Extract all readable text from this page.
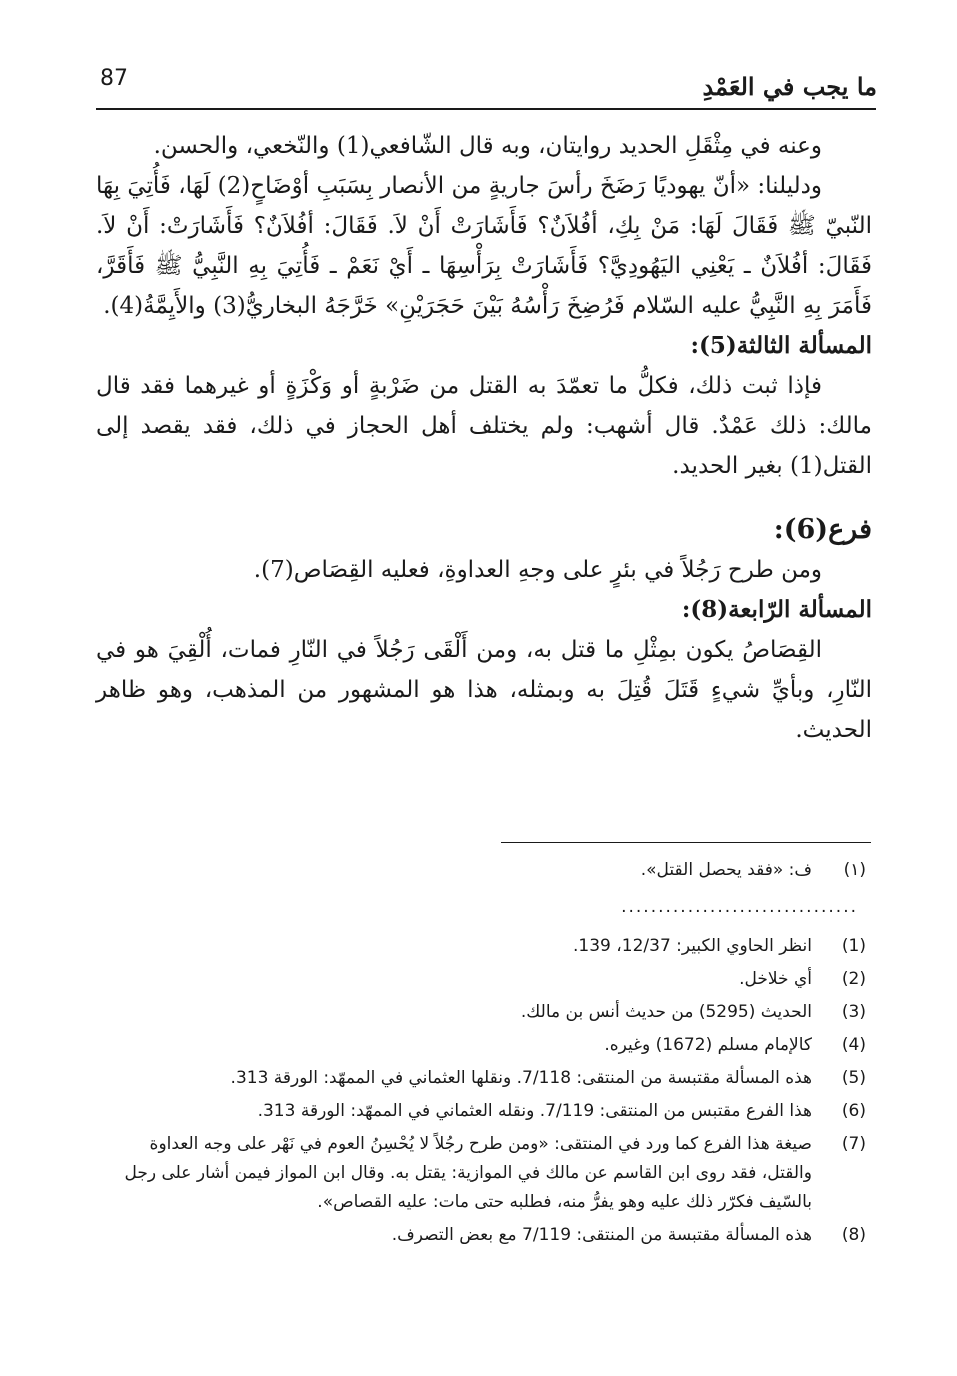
ما يجب في العَمْدِ
87

وعنه في مِثْقَلِ الحديد روايتان، وبه قال الشّافعي(1) والنّخعي، والحسن.

ودليلنا: «أنّ يهوديًا رَضَخَ رأسَ جاريةٍ من الأنصار بِسَبَبِ أوْضَاحٍ(2) لَهَا، فَأُتِيَ بِهَا النّبيّ ﷺ فَقَالَ لَهَا: مَنْ بِكِ، أفُلاَنٌ؟ فَأَشَارَتْ أَنْ لاَ. فَقَالَ: أفُلاَنٌ؟ فَأَشَارَتْ: أَنْ لاَ. فَقَالَ: أفُلاَنٌ ـ يَعْنِي اليَهُودِيَّ؟ فَأَشَارَتْ بِرَأْسِهَا ـ أَيْ نَعَمْ ـ فَأُتِيَ بِهِ النَّبِيُّ ﷺ فَأَقَرَّ، فَأَمَرَ بِهِ النَّبِيُّ عليه السّلام فَرُضِخَ رَأْسُهُ بَيْنَ حَجَرَيْنِ» خَرَّجَهُ البخاريُّ(3) والأَيِمَّةُ(4).

المسألة الثالثة(5):

فإذا ثبت ذلك، فكلُّ ما تعمّدَ به القتل من ضَرْبةٍ أو وَكْزَةٍ أو غيرهما فقد قال مالك: ذلك عَمْدٌ. قال أشهب: ولم يختلف أهل الحجاز في ذلك، فقد يقصد إلى القتل(1) بغير الحديد.

فرع(6):

ومن طرح رَجُلاً في بئرٍ على وجهِ العداوةِ، فعليه القِصَاص(7).

المسألة الرّابعة(8):

القِصَاصُ يكون بمِثْلِ ما قتل به، ومن أَلْقَى رَجُلاً في النّارِ فمات، أُلْقِيَ هو في النّارِ، وبأيِّ شيءٍ قَتَلَ قُتِلَ به وبمثله، هذا هو المشهور من المذهب، وهو ظاهر الحديث.

(١)
ف: «فقد يحصل القتل».
................................
(1)
انظر الحاوي الكبير: 12/37، 139.
(2)
أي خلاخل.
(3)
الحديث (5295) من حديث أنس بن مالك.
(4)
كالإمام مسلم (1672) وغيره.
(5)
هذه المسألة مقتبسة من المنتقى: 7/118. ونقلها العثماني في الممهّد: الورقة 313.
(6)
هذا الفرع مقتبس من المنتقى: 7/119. ونقله العثماني في الممهّد: الورقة 313.
(7)
صيغة هذا الفرع كما ورد في المنتقى: «ومن طرح رجُلاً لا يُحْسِنُ العوم في نَهْر على وجه العداوة والقتل، فقد روى ابن القاسم عن مالك في الموازية: يقتل به. وقال ابن المواز فيمن أشار على رجل بالسّيف فكرّر ذلك عليه وهو يفرُّ منه، فطلبه حتى مات: عليه القصاص».
(8)
هذه المسألة مقتبسة من المنتقى: 7/119 مع بعض التصرف.
